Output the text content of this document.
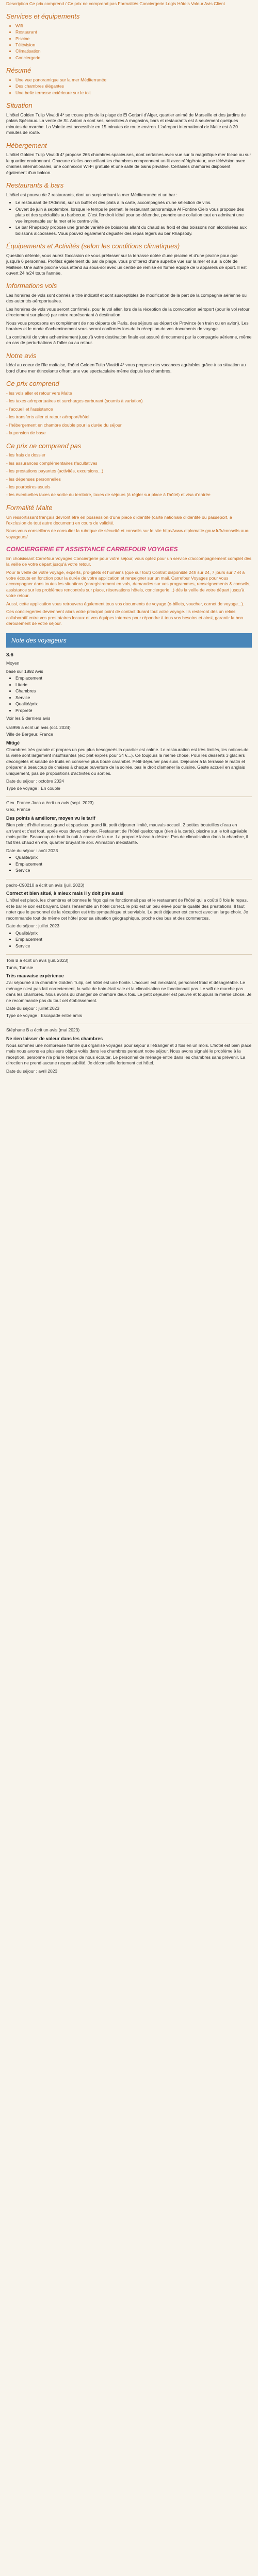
Description Ce prix comprend / Ce prix ne comprend pas Formalités Conciergerie Logis Hôtels Valeur Avis Client

Services et équipements
• Wifi
• Restaurant
• Piscine
• Télévision
• Climatisation
• Conciergerie
Résumé
• Une vue panoramique sur la mer Méditerranée
• Des chambres élégantes
• Une belle terrasse extérieure sur le toit
Situation

L'hôtel Golden Tulip Vivaldi 4* se trouve près de la plage de El Gorjani d'Alger, quartier animé de Marseille et des jardins de palais Spéciaux. La vente de St. Antoni a sont ses, sensibles à magasins, bars et restaurants est à seulement quelques minutes de marche. La Valette est accessible en 15 minutes de route environ. L'aéroport international de Malte est à 20 minutes de route.

Hébergement

L'hôtel Golden Tulip Vivaldi 4* propose 265 chambres spacieuses, dont certaines avec vue sur la magnifique mer bleue ou sur le quartier environnant. Chacune d'elles accueillant les chambres comprennent un lit avec réfrigérateur, une télévision avec chaînes internationales, une connexion Wi-Fi gratuite et une salle de bains privative. Certaines chambres disposent également d'un balcon.

Restaurants & bars

L'hôtel est pourvu de 2 restaurants, dont un surplombant la mer Méditerranée et un bar :

• Le restaurant de l'Admiral, sur un buffet et des plats à la carte, accompagnés d'une sélection de vins.
• Ouvert de juin à septembre, lorsque le temps le permet, le restaurant panoramique Al Fontine Cielo vous propose des plats et des spécialités au barbecue. C'est l'endroit idéal pour se détendre, prendre une collation tout en admirant une vue imprenable sur la mer et le centre-ville.
• Le bar Rhapsody propose une grande variété de boissons allant du chaud au froid et des boissons non alcoolisées aux boissons alcoolisées. Vous pouvez également déguster des repas légers au bar Rhapsody.
Équipements et Activités (selon les conditions climatiques)

Question détente, vous aurez l'occasion de vous prélasser sur la terrasse dotée d'une piscine et d'une piscine pour que jusqu'à 6 personnes. Profitez également du bar de plage, vous profiterez d'une superbe vue sur la mer et sur la côte de Maltese. Une autre piscine vous attend au sous-sol avec un centre de remise en forme équipé de 6 appareils de sport. Il est ouvert 24 h/24 toute l'année.

Informations vols

Les horaires de vols sont donnés à titre indicatif et sont susceptibles de modification de la part de la compagnie aérienne ou des autorités aéroportuaires.

Les horaires de vols vous seront confirmés, pour le vol aller, lors de la réception de la convocation aéroport (pour le vol retour directement sur place) par notre représentant à destination.

Nous vous proposons en complément de nos départs de Paris, des séjours au départ de Province (en train ou en avion). Les horaires et le mode d'acheminement vous seront confirmés lors de la réception de vos documents de voyage.

La continuité de votre acheminement jusqu'à votre destination finale est assuré directement par la compagnie aérienne, même en cas de perturbations à l'aller ou au retour.

Notre avis

Idéal au coeur de l'île maltaise, l'hôtel Golden Tulip Vivaldi 4* vous propose des vacances agréables grâce à sa situation au bord d'une mer étincelante offrant une vue spectaculaire même depuis les chambres.

Ce prix comprend

- les vols aller et retour vers Malte

- les taxes aéroportuaires et surcharges carburant (soumis à variation)

- l'accueil et l'assistance

- les transferts aller et retour aéroport/hôtel

- l'hébergement en chambre double pour la durée du séjour

- la pension de base

Ce prix ne comprend pas

- les frais de dossier

- les assurances complémentaires (facultatives

- les prestations payantes (activités, excursions...)

- les dépenses personnelles

- les pourboires usuels

- les éventuelles taxes de sortie du territoire, taxes de séjours (à régler sur place à l'hôtel) et visa d'entrée

Formalité Malte

Un ressortissant français devront être en possession d'une pièce d'identité (carte nationale d'identité ou passeport, a l'exclusion de tout autre document) en cours de validité.

Nous vous conseillons de consulter la rubrique de sécurité et conseils sur le site http://www.diplomatie.gouv.fr/fr/conseils-aux-voyageurs/

CONCIERGERIE ET ASSISTANCE CARREFOUR VOYAGES

En choisissant Carrefour Voyages Conciergerie pour votre séjour, vous optez pour un service d'accompagnement complet dès la veille de votre départ jusqu'à votre retour.

Pour la veille de votre voyage, experts, pro-gilets et humains (que sur tout) Contrat disponible 24h sur 24, 7 jours sur 7 et à votre écoute en fonction pour la durée de votre application et renseigner sur un mail. Carrefour Voyages pour vous accompagner dans toutes les situations (enregistrement en vols, demandes sur vos programmes, renseignements & conseils, assistance sur les problèmes rencontrés sur place, réservations hôtels, conciergerie...) dès la veille de votre départ jusqu'à votre retour.

Aussi, cette application vous retrouvera également tous vos documents de voyage (e-billets, voucher, carnet de voyage...).

Ces conciergeries deviennent alors votre principal point de contact durant tout votre voyage. Ils resteront dès un relais collaboratif entre vos prestataires locaux et vos équipes internes pour répondre à tous vos besoins et ainsi, garantir la bon déroulement de votre séjour.

Note des voyageurs
3.6
Moyen
basé sur 1892 Avis
• Emplacement
• Literie
• Chambres
• Service
• Qualité/prix
• Propreté
Voir les 5 derniers avis
vali996 a écrit un avis (oct. 2024)
Ville de Bergeur, France
Mitigé
Chambres très grande et propres un peu plus besogneés la quartier est calme. Le restauration est très limités, les notions de la vielle sont largement insuffisantes (ex: plat exprès pour 34 €...). Ce toujours la même chose. Pour les desserts 3 glaciers décongelés et salade de fruits en conserve plus boule carambel. Petit-déjeuner pas suivi. Déjeuner à la terrasse le matin et préparer à beaucoup de chaises à chaque ouverture de la soirée, pas le droit d'amener la cuisine. Geste accueil en anglais uniquement, pas de propositions d'activités ou sorties.
Date du séjour : octobre 2024
Type de voyage : En couple
Gex_France Jaco a écrit un avis (sept. 2023)
Gex, France
Des points à améliorer, moyen vu le tarif
Bien point d'hôtel assez grand et spacieux, grand lit, petit déjeuner limité, mauvais accueil. 2 petites bouteilles d'eau en arrivant et c'est tout, après vous devez acheter. Restaurant de l'hôtel quelconque (rien à la carte), piscine sur le toit agréable mais petite. Beaucoup de bruit la nuit à cause de la rue. La propreté laisse à désirer. Pas de climatisation dans la chambre, il fait très chaud en été, quartier bruyant le soir. Animation inexistante.
Date du séjour : août 2023
• Qualité/prix
• Emplacement
• Service
pedro-C90210 a écrit un avis (juil. 2023)
Correct et bien situé, à mieux mais il y doit pire aussi
L'hôtel est placé, les chambres et bonnes le frigo qui ne fonctionnait pas et le restaurant de l'hôtel qui a coûté 3 fois le repas, et le bar le soir est bruyant. Dans l'ensemble un hôtel correct, le prix est un peu élevé pour la qualité des prestations. Il faut noter que le personnel de la réception est très sympathique et serviable. Le petit déjeuner est correct avec un large choix. Je recommande tout de même cet hôtel pour sa situation géographique, proche des bus et des commerces.
Date du séjour : juillet 2023
• Qualité/prix
• Emplacement
• Service
Toni B a écrit un avis (juil. 2023)
Tunis, Tunisie
Très mauvaise expérience
J'ai séjourné à la chambre Golden Tulip, cet hôtel est une honte. L'accueil est inexistant, personnel froid et désagréable. Le ménage n'est pas fait correctement, la salle de bain était sale et la climatisation ne fonctionnait pas. Le wifi ne marche pas dans les chambres. Nous avons dû changer de chambre deux fois. Le petit déjeuner est pauvre et toujours la même chose. Je ne recommande pas du tout cet établissement.
Date du séjour : juillet 2023
Type de voyage : Escapade entre amis
Stéphane B a écrit un avis (mai 2023)
Ne rien laisser de valeur dans les chambres
Nous sommes une nombreuse famille qui organise voyages pour séjour à l'étranger et 3 fois en un mois. L'hôtel est bien placé mais nous avons eu plusieurs objets volés dans les chambres pendant notre séjour. Nous avons signalé le problème à la réception, personne n'a pris le temps de nous écouter. Le personnel de ménage entre dans les chambres sans prévenir. La direction ne prend aucune responsabilité. Je déconseille fortement cet hôtel.
Date du séjour : avril 2023
